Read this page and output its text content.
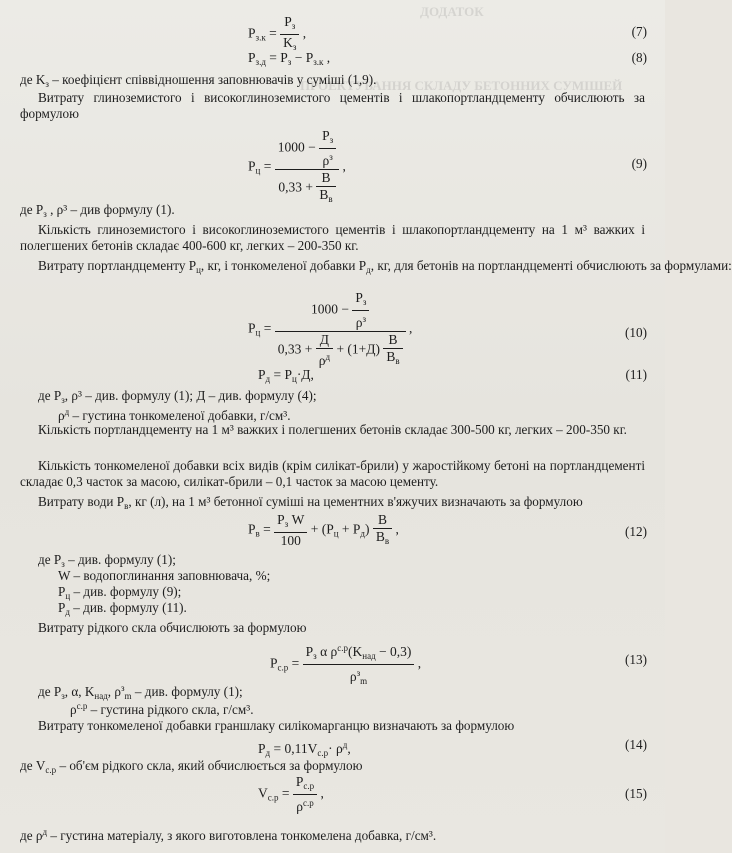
ДОДАТОК
ПРОЕКТУВАННЯ СКЛАДУ БЕТОННИХ СУМІШЕЙ
$P_{з.к} = \frac{P_з}{K_з}$ ,	(7)
$P_{з.д} = P_з - P_{з.к}$ ,	(8)
де $K_з$ – коефіцієнт співвідношення заповнювачів у суміші (1,9).
Витрату глиноземистого і високоглиноземистого цементів і шлакопортландцементу обчислюють за формулою
$P_ц = \frac{1000 - \frac{P_з}{\rho^з}}{0,33 + \frac{B}{B_в}}$ ,	(9)
де $P_з$ , ρ³ – див формулу (1).
Кількість глиноземистого і високоглиноземистого цементів і шлакопортландцементу на 1 м³ важких і полегшених бетонів складає 400-600 кг, легких – 200-350 кг.
Витрату портландцементу $P_ц$, кг, і тонкомеленої добавки $P_д$, кг, для бетонів на портландцементі обчислюють за формулами:
$P_ц = \frac{1000 - \frac{P_з}{\rho^з}}{0,33 + \frac{Д}{\rho^д} + (1+Д) \frac{B}{B_в}}$ ,	(10)
$P_д = P_ц\cdot Д$,	(11)
де $P_з$, ρ³ – див. формулу (1); Д – див. формулу (4);
$\rho^д$ – густина тонкомеленої добавки, г/см³.
Кількість портландцементу на 1 м³ важких і полегшених бетонів складає 300-500 кг, легких – 200-350 кг.
Кількість тонкомеленої добавки всіх видів (крім силікат-брили) у жаростійкому бетоні на портландцементі складає 0,3 часток за масою, силікат-брили – 0,1 часток за масою цементу.
Витрату води $P_в$, кг (л), на 1 м³ бетонної суміші на цементних в'яжучих визначають за формулою
$P_в = \frac{P_з W}{100} + (P_ц + P_д) \frac{B}{B_в}$ ,	(12)
де $P_з$ – див. формулу (1);
W – водопоглинання заповнювача, %;
$P_ц$ – див. формулу (9);
$P_д$ – див. формулу (11).
Витрату рідкого скла обчислюють за формулою
$P_{с.р} = \frac{P_з \alpha \rho^{с.р}(K_{над} - 0,3)}{\rho^з_m}$ ,	(13)
де $P_з$, α, $K_{над}$, $\rho^з_m$ – див. формулу (1);
$\rho^{с.р}$ – густина рідкого скла, г/см³.
Витрату тонкомеленої добавки граншлаку силікомарганцю визначають за формулою
$P_д = 0,11V_{с.р}\cdot \rho^д$,	(14)
де $V_{с.р} - об'єм$ рідкого скла, який обчислюється за формулою
$V_{с.р} = \frac{P_{с.р}}{\rho^{с.р}}$ ,	(15)
де $\rho^д$ – густина матеріалу, з якого виготовлена тонкомелена добавка, г/см³.
